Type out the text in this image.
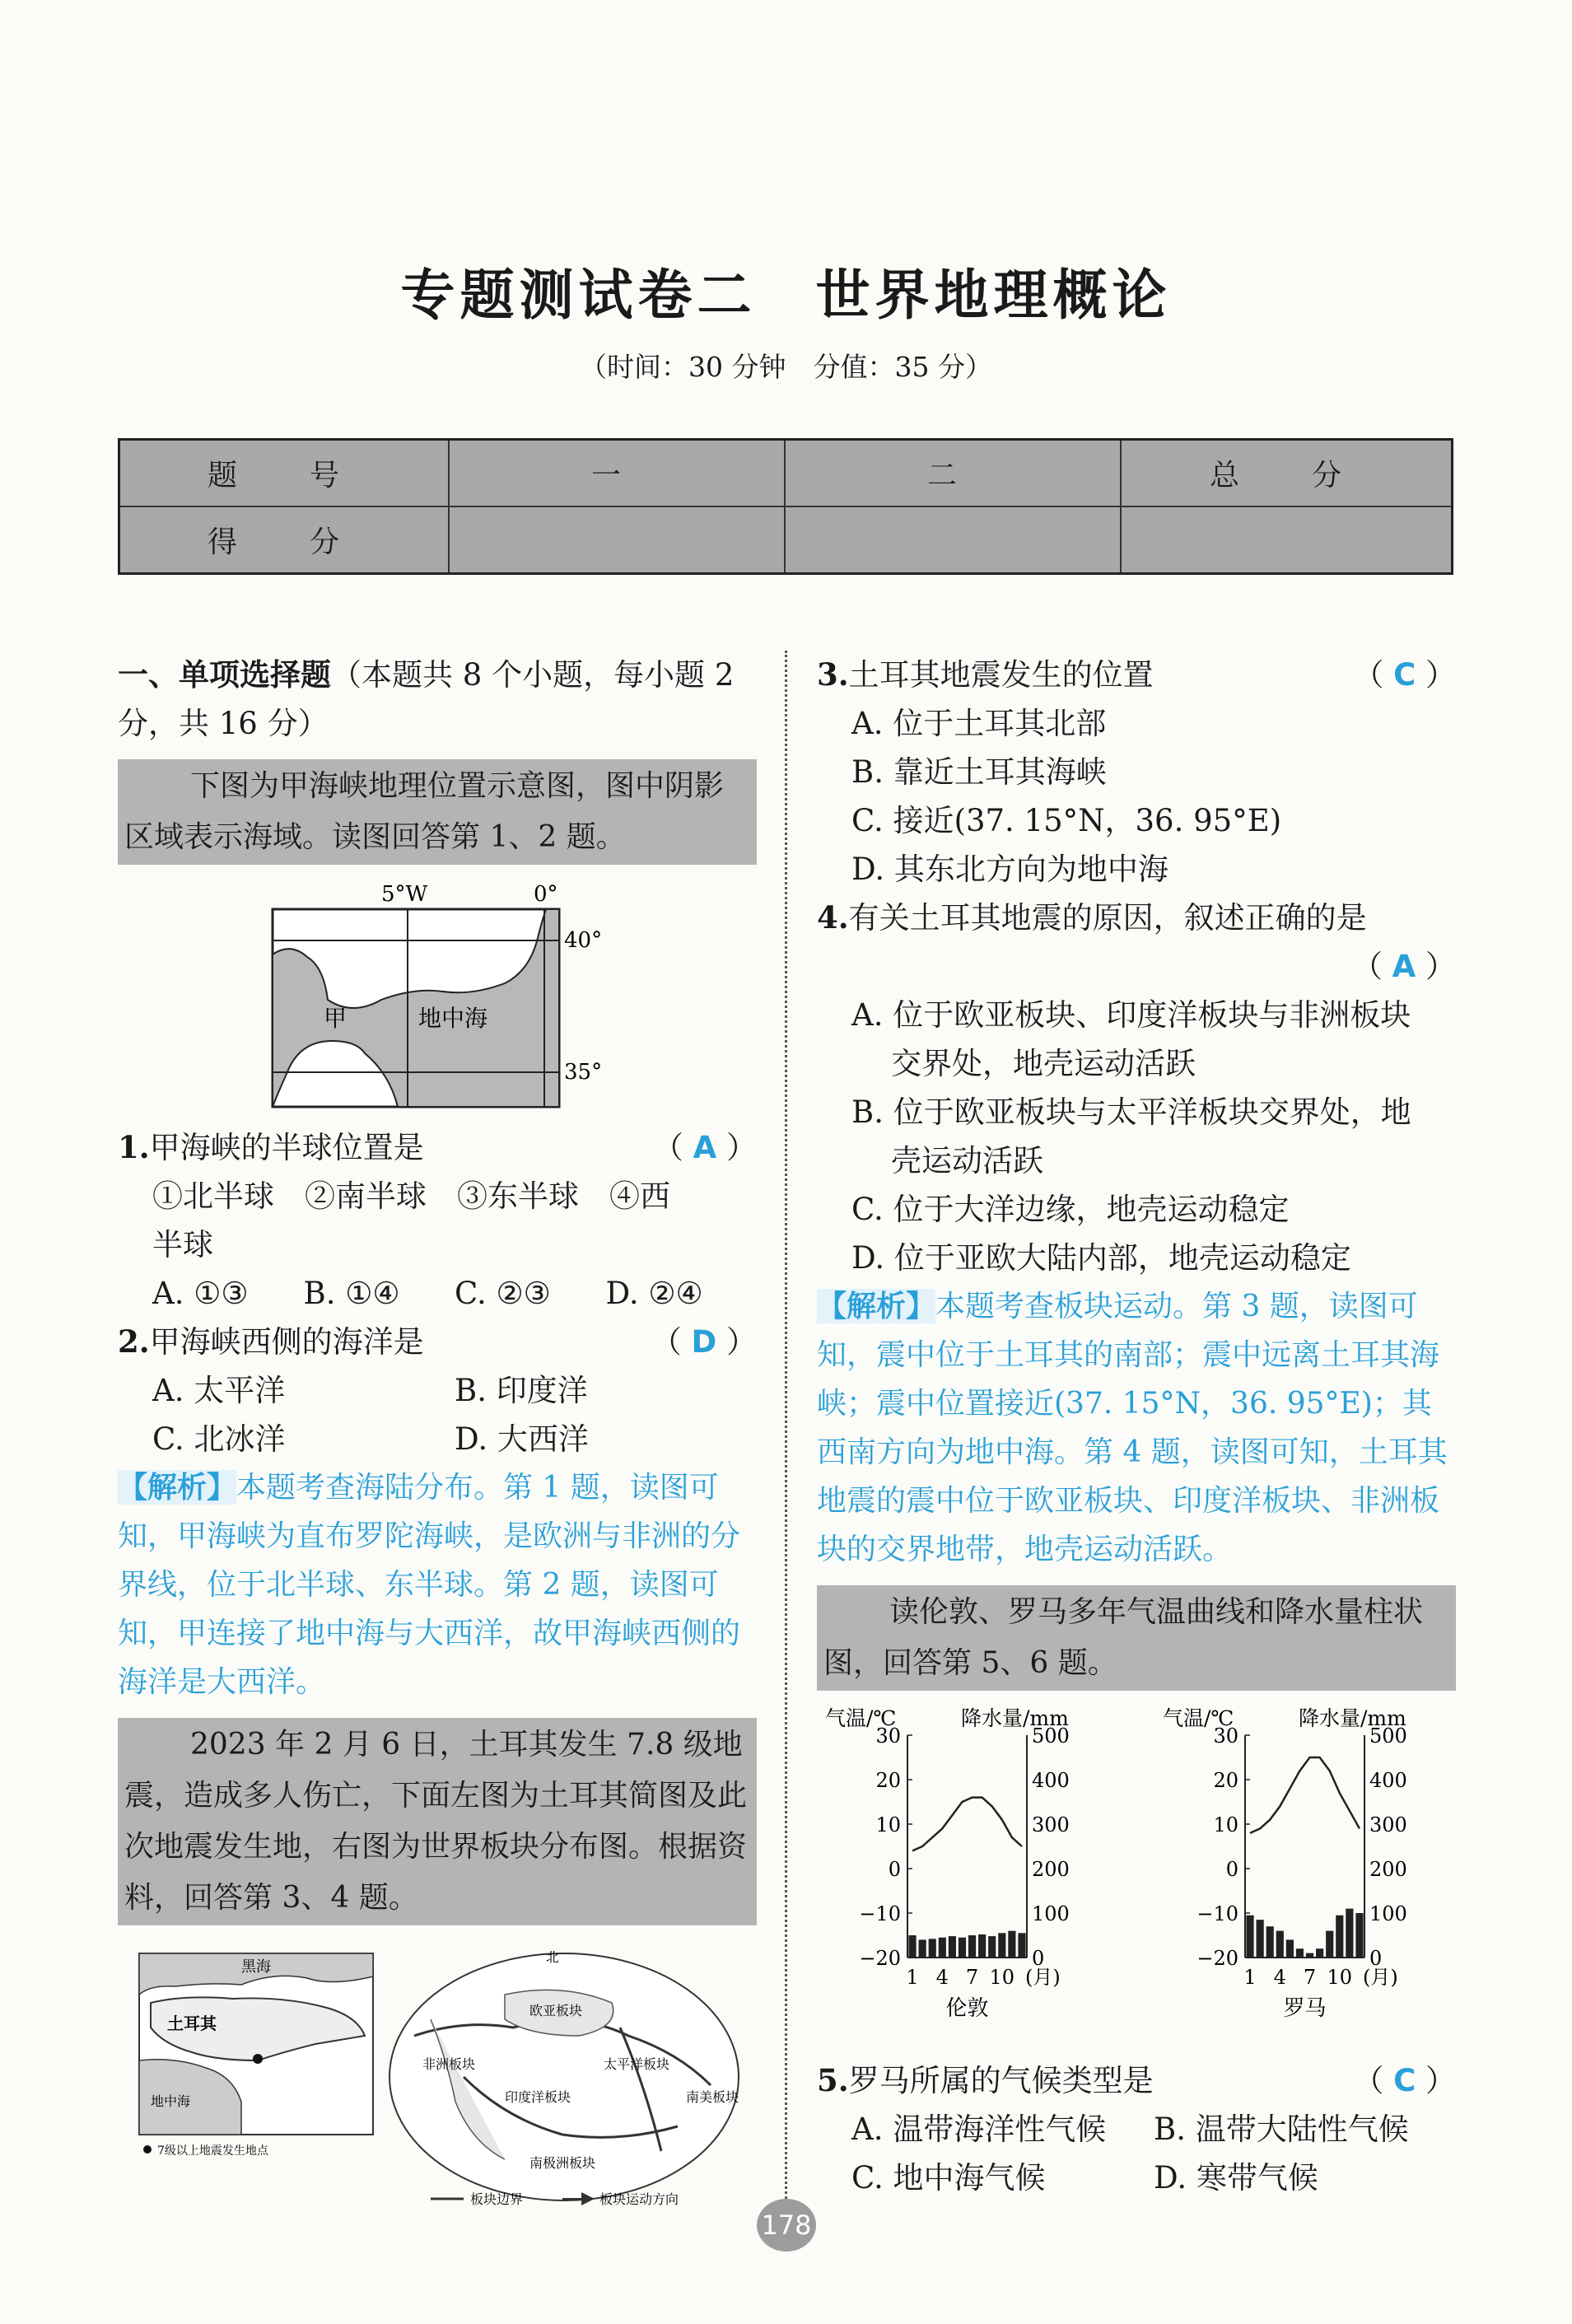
专题测试卷二　世界地理概论
（时间：30 分钟　分值：35 分）
题　号	一	二	总　分
得　分			

一、单项选择题（本题共 8 个小题，每小题 2 分，共 16 分）

下图为甲海峡地理位置示意图，图中阴影区域表示海域。读图回答第 1、2 题。
5°W	0°
40°
35°
甲	地中海

1.甲海峡的半球位置是	（ A ）

①北半球　②南半球　③东半球　④西

半球

A. ①③	B. ①④	C. ②③	D. ②④

2.甲海峡西侧的海洋是	（ D ）

A. 太平洋	B. 印度洋

C. 北冰洋	D. 大西洋

【解析】本题考查海陆分布。第 1 题，读图可知，甲海峡为直布罗陀海峡，是欧洲与非洲的分界线，位于北半球、东半球。第 2 题，读图可知，甲连接了地中海与大西洋，故甲海峡西侧的海洋是大西洋。

2023 年 2 月 6 日，土耳其发生 7.8 级地震，造成多人伤亡，下面左图为土耳其简图及此次地震发生地，右图为世界板块分布图。根据资料，回答第 3、4 题。
土耳其
黑海
地中海
7级以上地震发生地点
北
欧亚板块
非洲板块
印度洋板块
太平洋板块
南美板块
南极洲板块
板块边界	板块运动方向

3.土耳其地震发生的位置	（ C ）

A. 位于土耳其北部

B. 靠近土耳其海峡

C. 接近(37. 15°N，36. 95°E)

D. 其东北方向为地中海

4.有关土耳其地震的原因，叙述正确的是

（ A ）

A. 位于欧亚板块、印度洋板块与非洲板块

交界处，地壳运动活跃

B. 位于欧亚板块与太平洋板块交界处，地

壳运动活跃

C. 位于大洋边缘，地壳运动稳定

D. 位于亚欧大陆内部，地壳运动稳定

【解析】本题考查板块运动。第 3 题，读图可知，震中位于土耳其的南部；震中远离土耳其海峡；震中位置接近(37. 15°N，36. 95°E)；其西南方向为地中海。第 4 题，读图可知，土耳其地震的震中位于欧亚板块、印度洋板块、非洲板块的交界地带，地壳运动活跃。

读伦敦、罗马多年气温曲线和降水量柱状图，回答第 5、6 题。
气温/℃	降水量/mm
30
20
10
0
−10
−20
500
400
300
200
100
0
1 4 7 10 (月)
伦敦
气温/℃	降水量/mm
30
20
10
0
−10
−20
500
400
300
200
100
0
1 4 7 10 (月)
罗马

5.罗马所属的气候类型是	（ C ）

A. 温带海洋性气候	B. 温带大陆性气候

C. 地中海气候	D. 寒带气候

178
